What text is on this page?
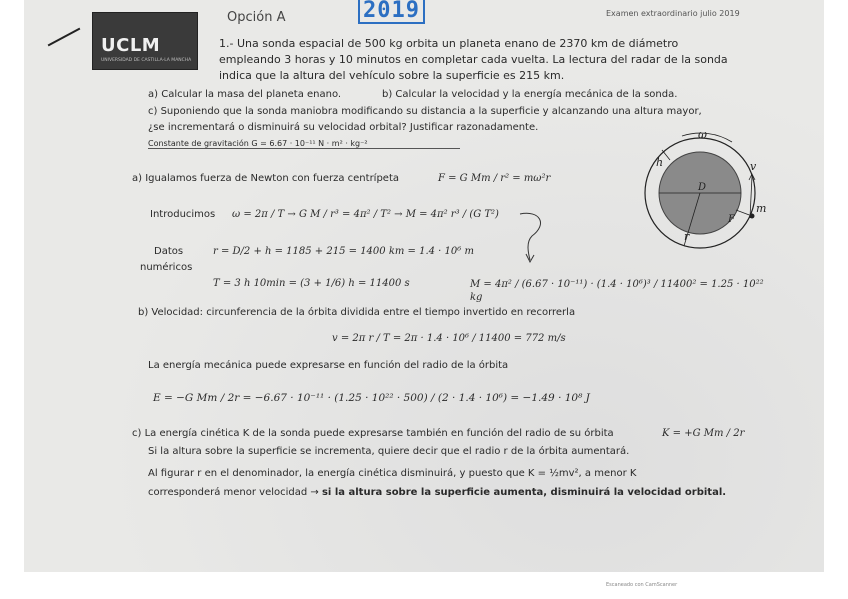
UCLM
UNIVERSIDAD DE CASTILLA-LA MANCHA
Opción A	2019	Examen extraordinario julio 2019
1.- Una sonda espacial de 500 kg orbita un planeta enano de 2370 km de diámetro
empleando 3 horas y 10 minutos en completar cada vuelta. La lectura del radar de la sonda
indica que la altura del vehículo sobre la superficie es 215 km.
a) Calcular la masa del planeta enano.	b) Calcular la velocidad y la energía mecánica de la sonda.
c) Suponiendo que la sonda maniobra modificando su distancia a la superficie y alcanzando una altura mayor,
¿se incrementará o disminuirá su velocidad orbital? Justificar razonadamente.
Constante de gravitación G = 6.67 · 10⁻¹¹ N · m² · kg⁻²
a) Igualamos fuerza de Newton con fuerza centrípeta	F = G Mm / r² = mω²r
Introducimos ω = 2π / T → G M / r³ = 4π² / T² → M = 4π² r³ / (G T²)
Datos
numéricos
r = D/2 + h = 1185 + 215 = 1400 km = 1.4 · 10⁶ m
T = 3 h 10min = (3 + 1/6) h = 11400 s	M = 4π² / (6.67 · 10⁻¹¹) · (1.4 · 10⁶)³ / 11400² = 1.25 · 10²² kg
b) Velocidad: circunferencia de la órbita dividida entre el tiempo invertido en recorrerla
v = 2π r / T = 2π · 1.4 · 10⁶ / 11400 = 772 m/s
La energía mecánica puede expresarse en función del radio de la órbita
E = −G Mm / 2r = −6.67 · 10⁻¹¹ · (1.25 · 10²² · 500) / (2 · 1.4 · 10⁶) = −1.49 · 10⁸ J
c) La energía cinética K de la sonda puede expresarse también en función del radio de su órbita	K = +G Mm / 2r
Si la altura sobre la superficie se incrementa, quiere decir que el radio r de la órbita aumentará.
Al figurar r en el denominador, la energía cinética disminuirá, y puesto que K = ½mv², a menor K
corresponderá menor velocidad → si la altura sobre la superficie aumenta, disminuirá la velocidad orbital.
ω
h	v
D
F
m
r
Escaneado con CamScanner
